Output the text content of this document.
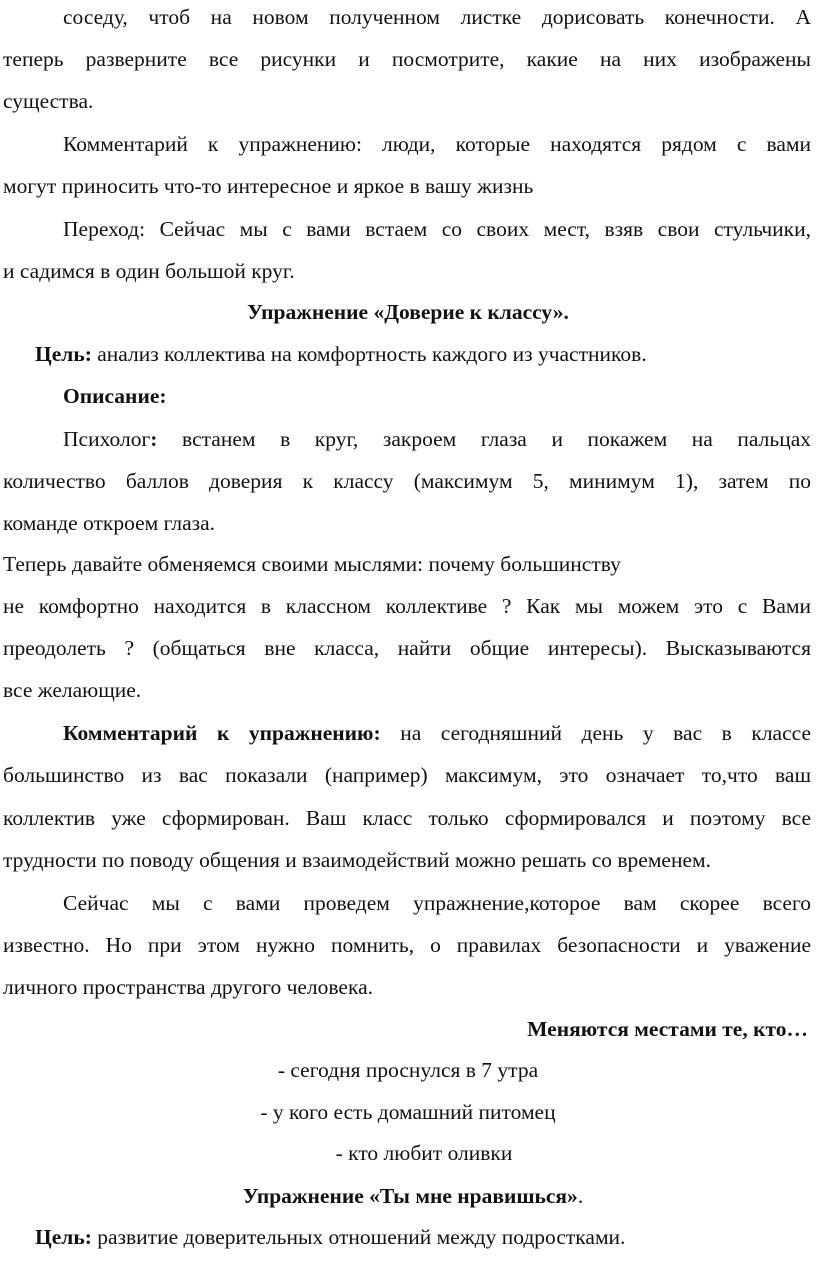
соседу, чтоб на новом полученном листке дорисовать конечности. А
теперь разверните все рисунки и посмотрите, какие на них изображены
существа.
Комментарий к упражнению: люди, которые находятся рядом с вами
могут приносить что-то интересное и яркое в вашу жизнь
Переход: Сейчас мы с вами встаем со своих мест, взяв свои стульчики,
и садимся в один большой круг.
Упражнение «Доверие к классу».
Цель: анализ коллектива на комфортность каждого из участников.
Описание:
Психолог: встанем в круг, закроем глаза и покажем на пальцах
количество баллов доверия к классу (максимум 5, минимум 1), затем по
команде откроем глаза.
Теперь давайте обменяемся своими мыслями: почему большинству
не комфортно находится в классном коллективе ? Как мы можем это с Вами
преодолеть ? (общаться вне класса, найти общие интересы). Высказываются
все желающие.
Комментарий к упражнению: на сегодняшний день у вас в классе
большинство из вас показали (например) максимум, это означает то,что ваш
коллектив уже сформирован. Ваш класс только сформировался и поэтому все
трудности по поводу общения и взаимодействий можно решать со временем.
Сейчас мы с вами проведем упражнение,которое вам скорее всего
известно. Но при этом нужно помнить, о правилах безопасности и уважение
личного пространства другого человека.
Меняются местами те, кто…
- сегодня проснулся в 7 утра
- у кого есть домашний питомец
- кто любит оливки
Упражнение «Ты мне нравишься».
Цель: развитие доверительных отношений между подростками.
